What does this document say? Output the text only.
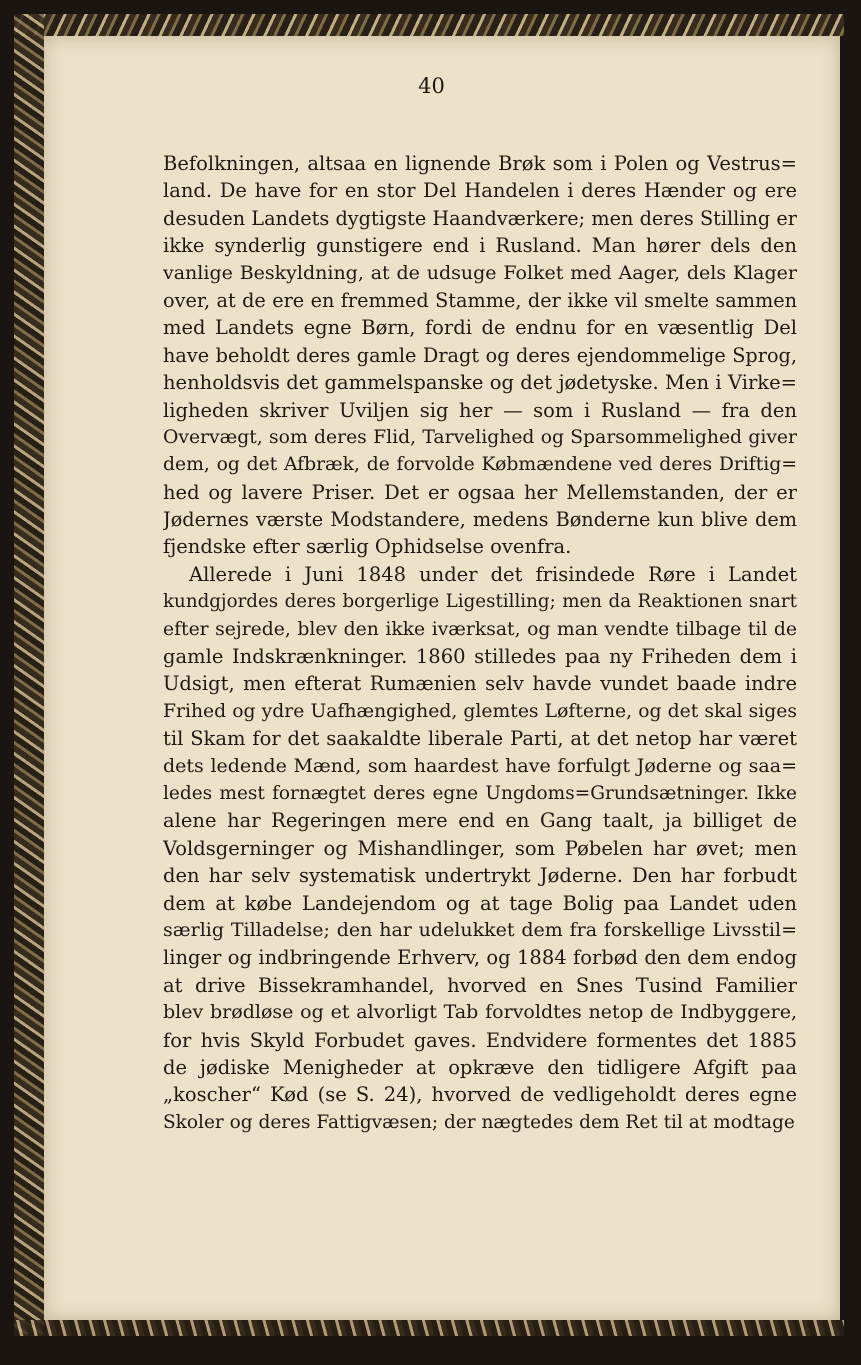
40
Befolkningen, altsaa en lignende Brøk som i Polen og Vestrus=
land. De have for en stor Del Handelen i deres Hænder og ere
desuden Landets dygtigste Haandværkere; men deres Stilling er
ikke synderlig gunstigere end i Rusland. Man hører dels den
vanlige Beskyldning, at de udsuge Folket med Aager, dels Klager
over, at de ere en fremmed Stamme, der ikke vil smelte sammen
med Landets egne Børn, fordi de endnu for en væsentlig Del
have beholdt deres gamle Dragt og deres ejendommelige Sprog,
henholdsvis det gammelspanske og det jødetyske. Men i Virke=
ligheden skriver Uviljen sig her — som i Rusland — fra den
Overvægt, som deres Flid, Tarvelighed og Sparsommelighed giver
dem, og det Afbræk, de forvolde Købmændene ved deres Driftig=
hed og lavere Priser. Det er ogsaa her Mellemstanden, der er
Jødernes værste Modstandere, medens Bønderne kun blive dem
fjendske efter særlig Ophidselse ovenfra.
Allerede i Juni 1848 under det frisindede Røre i Landet
kundgjordes deres borgerlige Ligestilling; men da Reaktionen snart
efter sejrede, blev den ikke iværksat, og man vendte tilbage til de
gamle Indskrænkninger. 1860 stilledes paa ny Friheden dem i
Udsigt, men efterat Rumænien selv havde vundet baade indre
Frihed og ydre Uafhængighed, glemtes Løfterne, og det skal siges
til Skam for det saakaldte liberale Parti, at det netop har været
dets ledende Mænd, som haardest have forfulgt Jøderne og saa=
ledes mest fornægtet deres egne Ungdoms=Grundsætninger. Ikke
alene har Regeringen mere end en Gang taalt, ja billiget de
Voldsgerninger og Mishandlinger, som Pøbelen har øvet; men
den har selv systematisk undertrykt Jøderne. Den har forbudt
dem at købe Landejendom og at tage Bolig paa Landet uden
særlig Tilladelse; den har udelukket dem fra forskellige Livsstil=
linger og indbringende Erhverv, og 1884 forbød den dem endog
at drive Bissekramhandel, hvorved en Snes Tusind Familier
blev brødløse og et alvorligt Tab forvoldtes netop de Indbyggere,
for hvis Skyld Forbudet gaves. Endvidere formentes det 1885
de jødiske Menigheder at opkræve den tidligere Afgift paa
„koscher“ Kød (se S. 24), hvorved de vedligeholdt deres egne
Skoler og deres Fattigvæsen; der nægtedes dem Ret til at modtage
